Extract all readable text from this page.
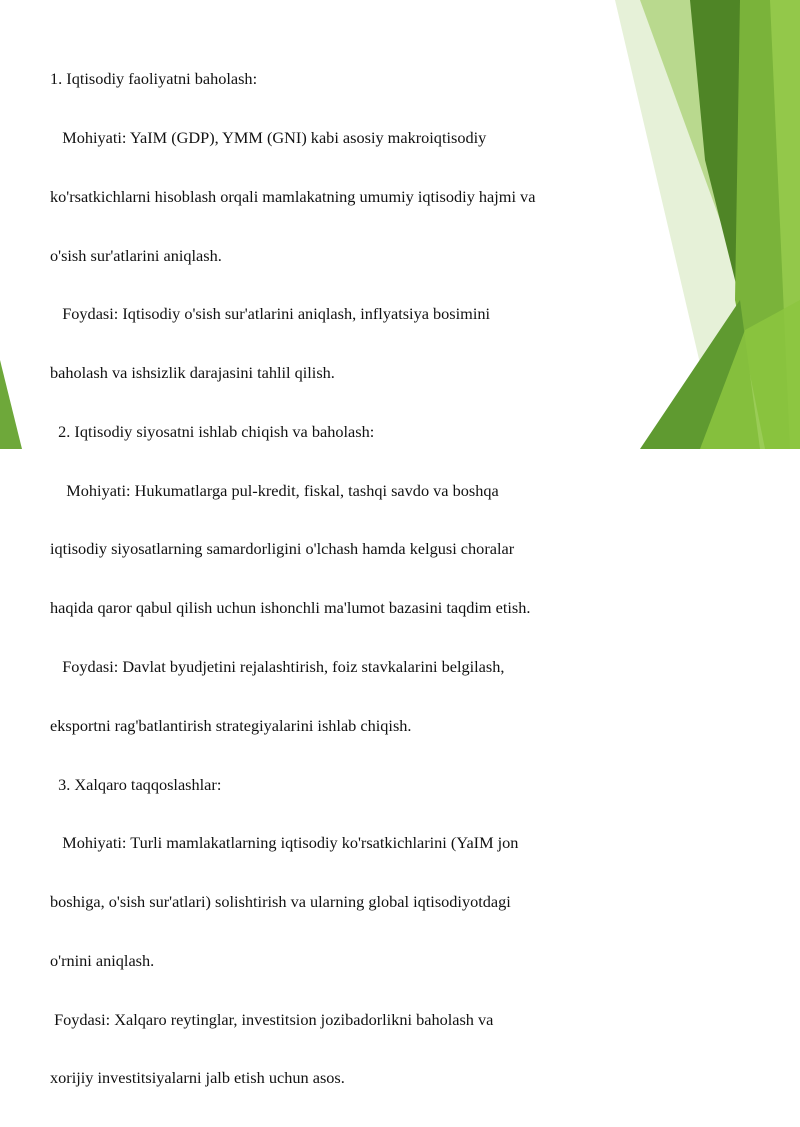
1. Iqtisodiy faoliyatni baholash:

Mohiyati: YaIM (GDP), YMM (GNI) kabi asosiy makroiqtisodiy

ko'rsatkichlarni hisoblash orqali mamlakatning umumiy iqtisodiy hajmi va

o'sish sur'atlarini aniqlash.

Foydasi: Iqtisodiy o'sish sur'atlarini aniqlash, inflyatsiya bosimini

baholash va ishsizlik darajasini tahlil qilish.

2. Iqtisodiy siyosatni ishlab chiqish va baholash:

Mohiyati: Hukumatlarga pul-kredit, fiskal, tashqi savdo va boshqa

iqtisodiy siyosatlarning samardorligini o'lchash hamda kelgusi choralar

haqida qaror qabul qilish uchun ishonchli ma'lumot bazasini taqdim etish.

Foydasi: Davlat byudjetini rejalashtirish, foiz stavkalarini belgilash,

eksportni rag'batlantirish strategiyalarini ishlab chiqish.

3. Xalqaro taqqoslashlar:

Mohiyati: Turli mamlakatlarning iqtisodiy ko'rsatkichlarini (YaIM jon

boshiga, o'sish sur'atlari) solishtirish va ularning global iqtisodiyotdagi

o'rnini aniqlash.

Foydasi: Xalqaro reytinglar, investitsion jozibadorlikni baholash va

xorijiy investitsiyalarni jalb etish uchun asos.
